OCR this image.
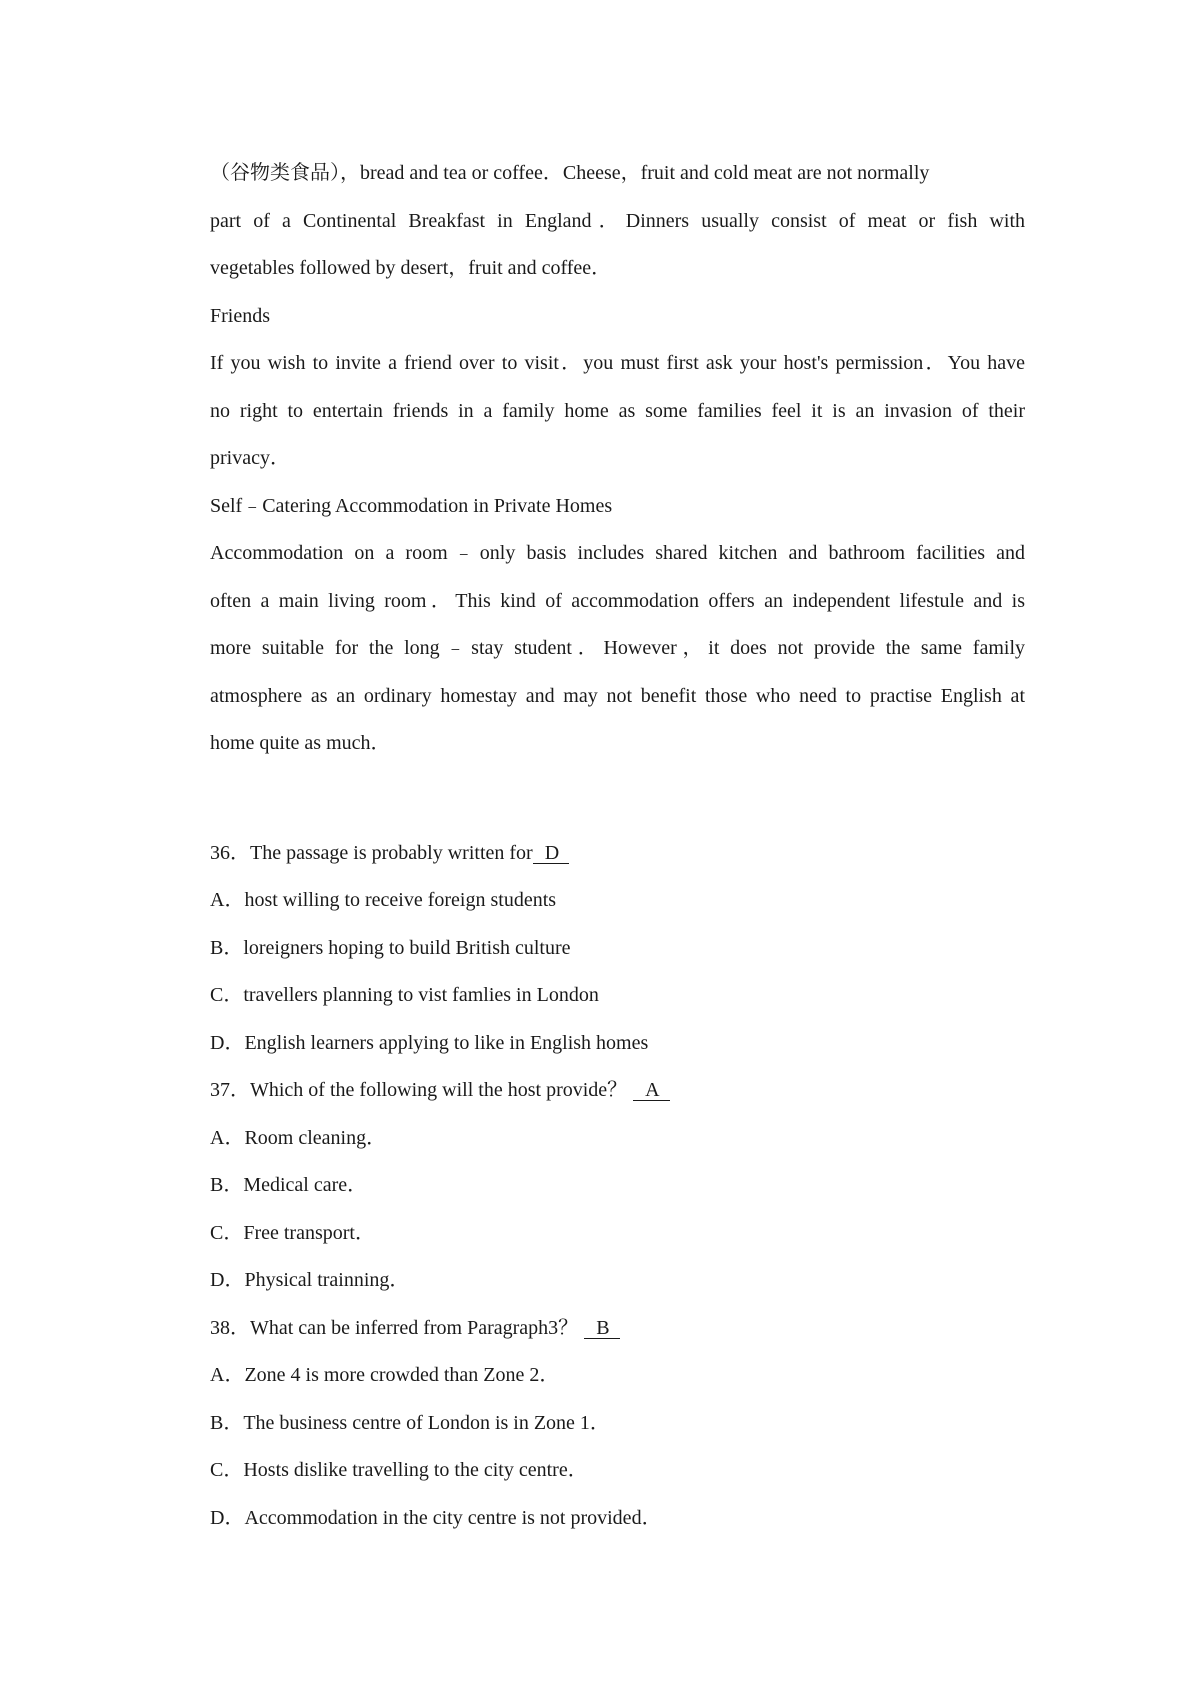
（谷物类食品），bread and tea or coffee．Cheese，fruit and cold meat are not normally
part of a Continental Breakfast in England．Dinners usually consist of meat or fish with
vegetables followed by desert，fruit and coffee．
Friends
If you wish to invite a friend over to visit．you must first ask your host's permission．You have
no right to entertain friends in a family home as some families feel it is an invasion of their
privacy．
Self﹣Catering Accommodation in Private Homes
Accommodation on a room﹣only basis includes shared kitchen and bathroom facilities and
often a main living room．This kind of accommodation offers an independent lifestule and is
more suitable for the long﹣stay student．However，it does not provide the same family
atmosphere as an ordinary homestay and may not benefit those who need to practise English at
home quite as much．
36．The passage is probably written for D
A．host willing to receive foreign students
B．loreigners hoping to build British culture
C．travellers planning to vist famlies in London
D．English learners applying to like in English homes
37．Which of the following will the host provide？ A
A．Room cleaning．
B．Medical care．
C．Free transport．
D．Physical trainning．
38．What can be inferred from Paragraph3？ B
A．Zone 4 is more crowded than Zone 2．
B．The business centre of London is in Zone 1．
C．Hosts dislike travelling to the city centre．
D．Accommodation in the city centre is not provided．
